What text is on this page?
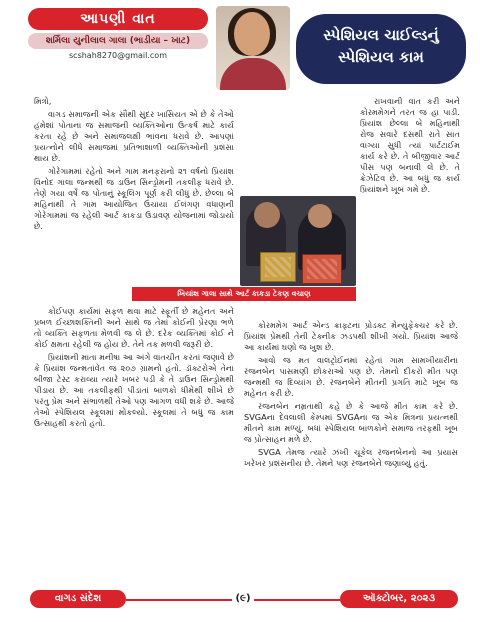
આપણી વાત
શર્મિલા યુનીલાલ ગાલા (ભાડીયા – ખાટ)
scshah8270@gmail.com
સ્પેશિયલ ચાઈલ્ડનું
સ્પેશિયલ કામ

મિત્રો,

વાગડ સમાજની એક સૌથી સુંદર ખાસિયત એ છે કે તેઓ હંમેશાં પોતાના જ સમાજની વ્યક્તિઓના ઉત્કર્ષ માટે કાર્ય કરતા રહે છે અને સમાજલક્ષી ભાવના ધરાવે છે. આપણાં પ્રયત્નોને લીધે સમાજમાં પ્રતિભાશાળી વ્યક્તિઓની પ્રશંસા થાય છે.

ગોરેગામમાં રહેતો અને ગામ મનફરાનો ૨૧ વર્ષનો પ્રિયાંશ વિનોદ ગાલા જન્મથી જ ડાઉન સિન્ડ્રોમની તકલીફ ધરાવે છે. તેણે ગયા વર્ષે જ પોતાનું સ્કૂલિંગ પૂર્ણ કરી લીધું છે. છેલ્લા બે મહિનાથી તે ગામ આયોજિત ઉંચાયા ઈલંગણ વધાણની ગોરેગામમાં જ રહેલી આર્ટ કાકડા ઉડાવણ યોજનામાં જોડાયો છે.

કોઈપણ કાર્યમાં સફળ થવા માટે સ્ફૂર્તી છે મહેનત અને પ્રબળ ઈચ્છાશક્તિની અને સાથે જ તેમાં કોઈની પ્રેરણા ભળે તો વ્યક્તિ સફળતા મેળવી જ લે છે. દરેક વ્યક્તિમાં કોઈ ને કોઈ ક્ષમતા રહેલી જ હોય છે. તેને તક મળવી જરૂરી છે.

પ્રિયાંશની માતા મનીષા આ અંગે વાતચીત કરતાં જણાવે છે કે પ્રિયાંશ જન્મતાંવેંત જ ૨૦૭ ગ્રામનો હતો. ડૉક્ટરોએ તેના બીજા ટેસ્ટ કરાવ્યા ત્યારે ખબર પડી કે તે ડાઉન સિન્ડ્રોમથી પીડાય છે. આ તકલીફથી પીડાતાં બાળકો ધીમેથી શીખે છે પરંતુ પ્રેમ અને સંભાળથી તેઓ પણ આગળ વધી શકે છે. આજે તેઓ સ્પેશિયલ સ્કૂલમાં મોકલ્યો. સ્કૂલમાં તે બધું જ કામ ઉત્સાહથી કરતો હતો.

રાખવાની વાત કરી અને કોરમમેગને તરત જ હા પાડી. પ્રિયાંશ છેલ્લા બે મહિનાથી રોજ સવારે દસથી રાતે સાત વાગ્યા સુધી ત્યાં પાર્ટટાઈમ કાર્ય કરે છે. તે બીજીવાર આર્ટ પીસ પણ બનાવી લે છે. તે ક્રેઝેટિવ છે. આ બધું જ કાર્ય પ્રિયાંશને ખૂબ ગમે છે.

ખિયાંશ ગાલા સાથે આર્ટ કાકડા ટેકણ વચાણ

કોરમમેગ આર્ટ એન્ડ ક્રાફ્ટના પ્રોડક્ટ મેન્યુફેક્ચર કરે છે. પ્રિયાંશ પ્રેમથી તેની ટેક્નીક ઝડપથી શીખી ગયો. પ્રિયાંશ આજે આ કાર્યમાં ઘણો જ ખુશ છે.

આવો જ મત વાલટ્રોઈનમાં રહેતાં ગામ સામખીયારીના રંજનબેન પાસમણી છોકરાઓ પણ છે. તેમનો દીકરો મીત પણ જન્મથી જ દિવ્યાંગ છે. રંજનબેને મીતની પ્રગતિ માટે ખૂબ જ મહેનત કરી છે.

રંજનબેન નમ્રતાથી કહે છે કે આજે મીત કામ કરે છે. SVGAના દેવલાલી કેમ્પમાં SVGAના જ એક મિત્રના પ્રયત્નથી મીતને કામ મળ્યું. બધાં સ્પેશિયલ બાળકોને સમાજ તરફથી ખૂબ જ પ્રોત્સાહન મળે છે.

SVGA તેમજ ત્યારે ઝંખી ચૂકેલ રંજનબેનનો આ પ્રયાસ ખરેખર પ્રશંસનીય છે. તેમને પણ રંજનબેને જણાવ્યું હતું.

વાગડ સંદેશ	(૯)	ઑક્ટોબર, ૨૦૨૩
